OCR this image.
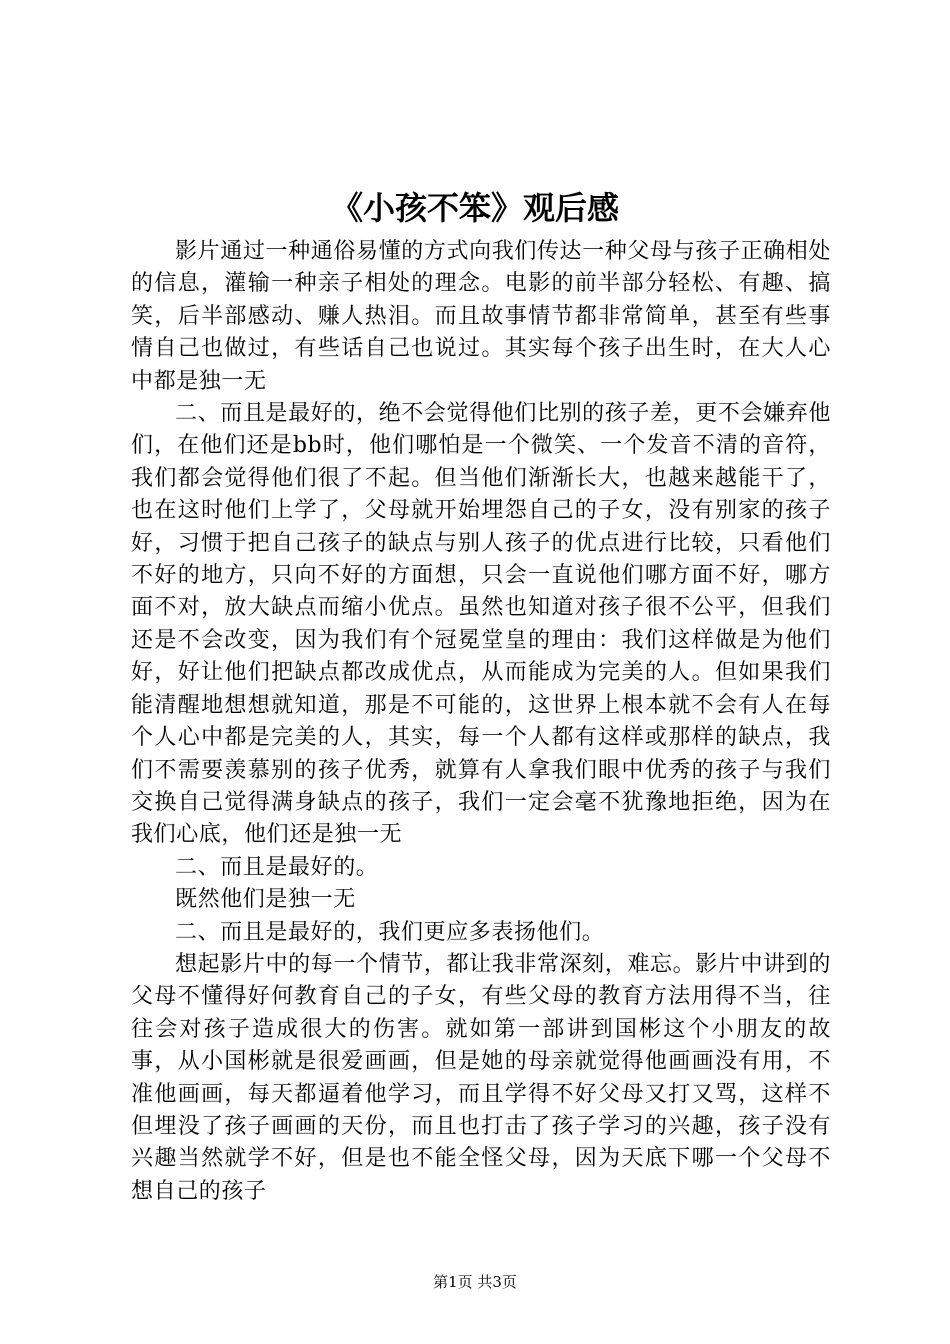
《小孩不笨》观后感

影片通过一种通俗易懂的方式向我们传达一种父母与孩子正确相处的信息，灌输一种亲子相处的理念。电影的前半部分轻松、有趣、搞笑，后半部感动、赚人热泪。而且故事情节都非常简单，甚至有些事情自己也做过，有些话自己也说过。其实每个孩子出生时，在大人心中都是独一无

二、而且是最好的，绝不会觉得他们比别的孩子差，更不会嫌弃他们，在他们还是bb时，他们哪怕是一个微笑、一个发音不清的音符，我们都会觉得他们很了不起。但当他们渐渐长大，也越来越能干了，也在这时他们上学了，父母就开始埋怨自己的子女，没有别家的孩子好，习惯于把自己孩子的缺点与别人孩子的优点进行比较，只看他们不好的地方，只向不好的方面想，只会一直说他们哪方面不好，哪方面不对，放大缺点而缩小优点。虽然也知道对孩子很不公平，但我们还是不会改变，因为我们有个冠冕堂皇的理由：我们这样做是为他们好，好让他们把缺点都改成优点，从而能成为完美的人。但如果我们能清醒地想想就知道，那是不可能的，这世界上根本就不会有人在每个人心中都是完美的人，其实，每一个人都有这样或那样的缺点，我们不需要羡慕别的孩子优秀，就算有人拿我们眼中优秀的孩子与我们交换自己觉得满身缺点的孩子，我们一定会毫不犹豫地拒绝，因为在我们心底，他们还是独一无

二、而且是最好的。

既然他们是独一无

二、而且是最好的，我们更应多表扬他们。

想起影片中的每一个情节，都让我非常深刻，难忘。影片中讲到的父母不懂得好何教育自己的子女，有些父母的教育方法用得不当，往往会对孩子造成很大的伤害。就如第一部讲到国彬这个小朋友的故事，从小国彬就是很爱画画，但是她的母亲就觉得他画画没有用，不准他画画，每天都逼着他学习，而且学得不好父母又打又骂，这样不但埋没了孩子画画的天份，而且也打击了孩子学习的兴趣，孩子没有兴趣当然就学不好，但是也不能全怪父母，因为天底下哪一个父母不想自己的孩子

第1页 共3页
